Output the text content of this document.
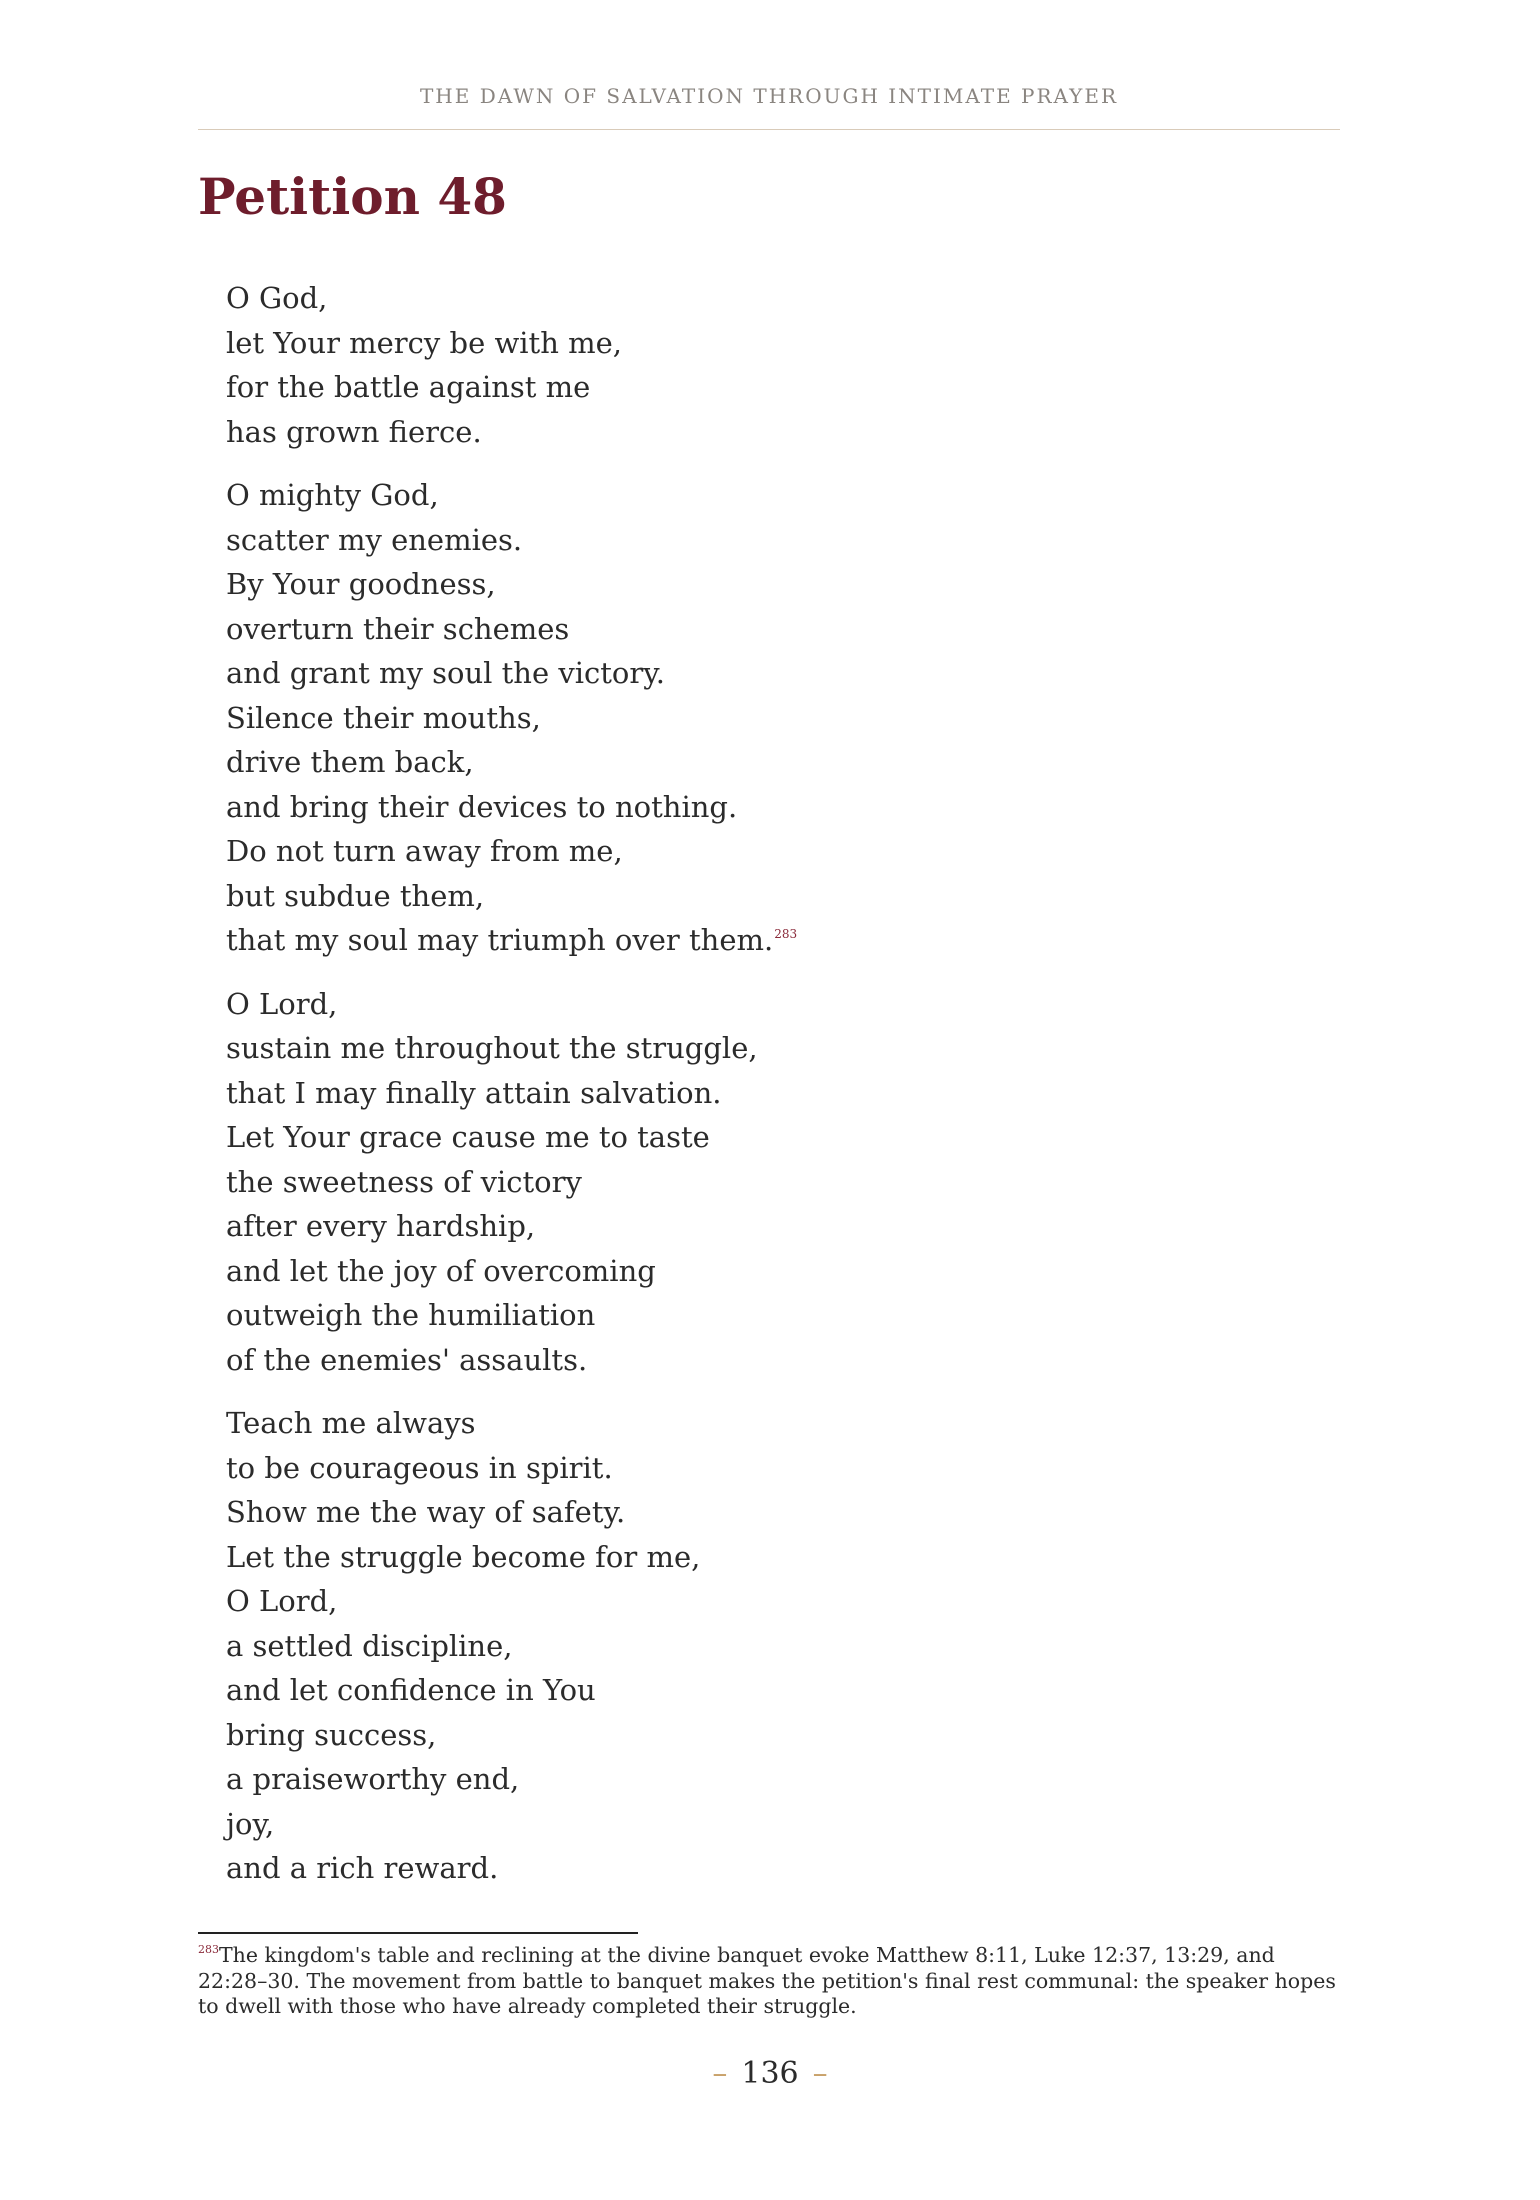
THE DAWN OF SALVATION THROUGH INTIMATE PRAYER
Petition 48
O God,
let Your mercy be with me,
for the battle against me
has grown fierce.
O mighty God,
scatter my enemies.
By Your goodness,
overturn their schemes
and grant my soul the victory.
Silence their mouths,
drive them back,
and bring their devices to nothing.
Do not turn away from me,
but subdue them,
that my soul may triumph over them.$^{283}$
O Lord,
sustain me throughout the struggle,
that I may finally attain salvation.
Let Your grace cause me to taste
the sweetness of victory
after every hardship,
and let the joy of overcoming
outweigh the humiliation
of the enemies' assaults.
Teach me always
to be courageous in spirit.
Show me the way of safety.
Let the struggle become for me,
O Lord,
a settled discipline,
and let confidence in You
bring success,
a praiseworthy end,
joy,
and a rich reward.
$^{283}$The kingdom's table and reclining at the divine banquet evoke Matthew 8:11, Luke 12:37, 13:29, and 22:28–30. The movement from battle to banquet makes the petition's final rest communal: the speaker hopes to dwell with those who have already completed their struggle.
– 136 –
